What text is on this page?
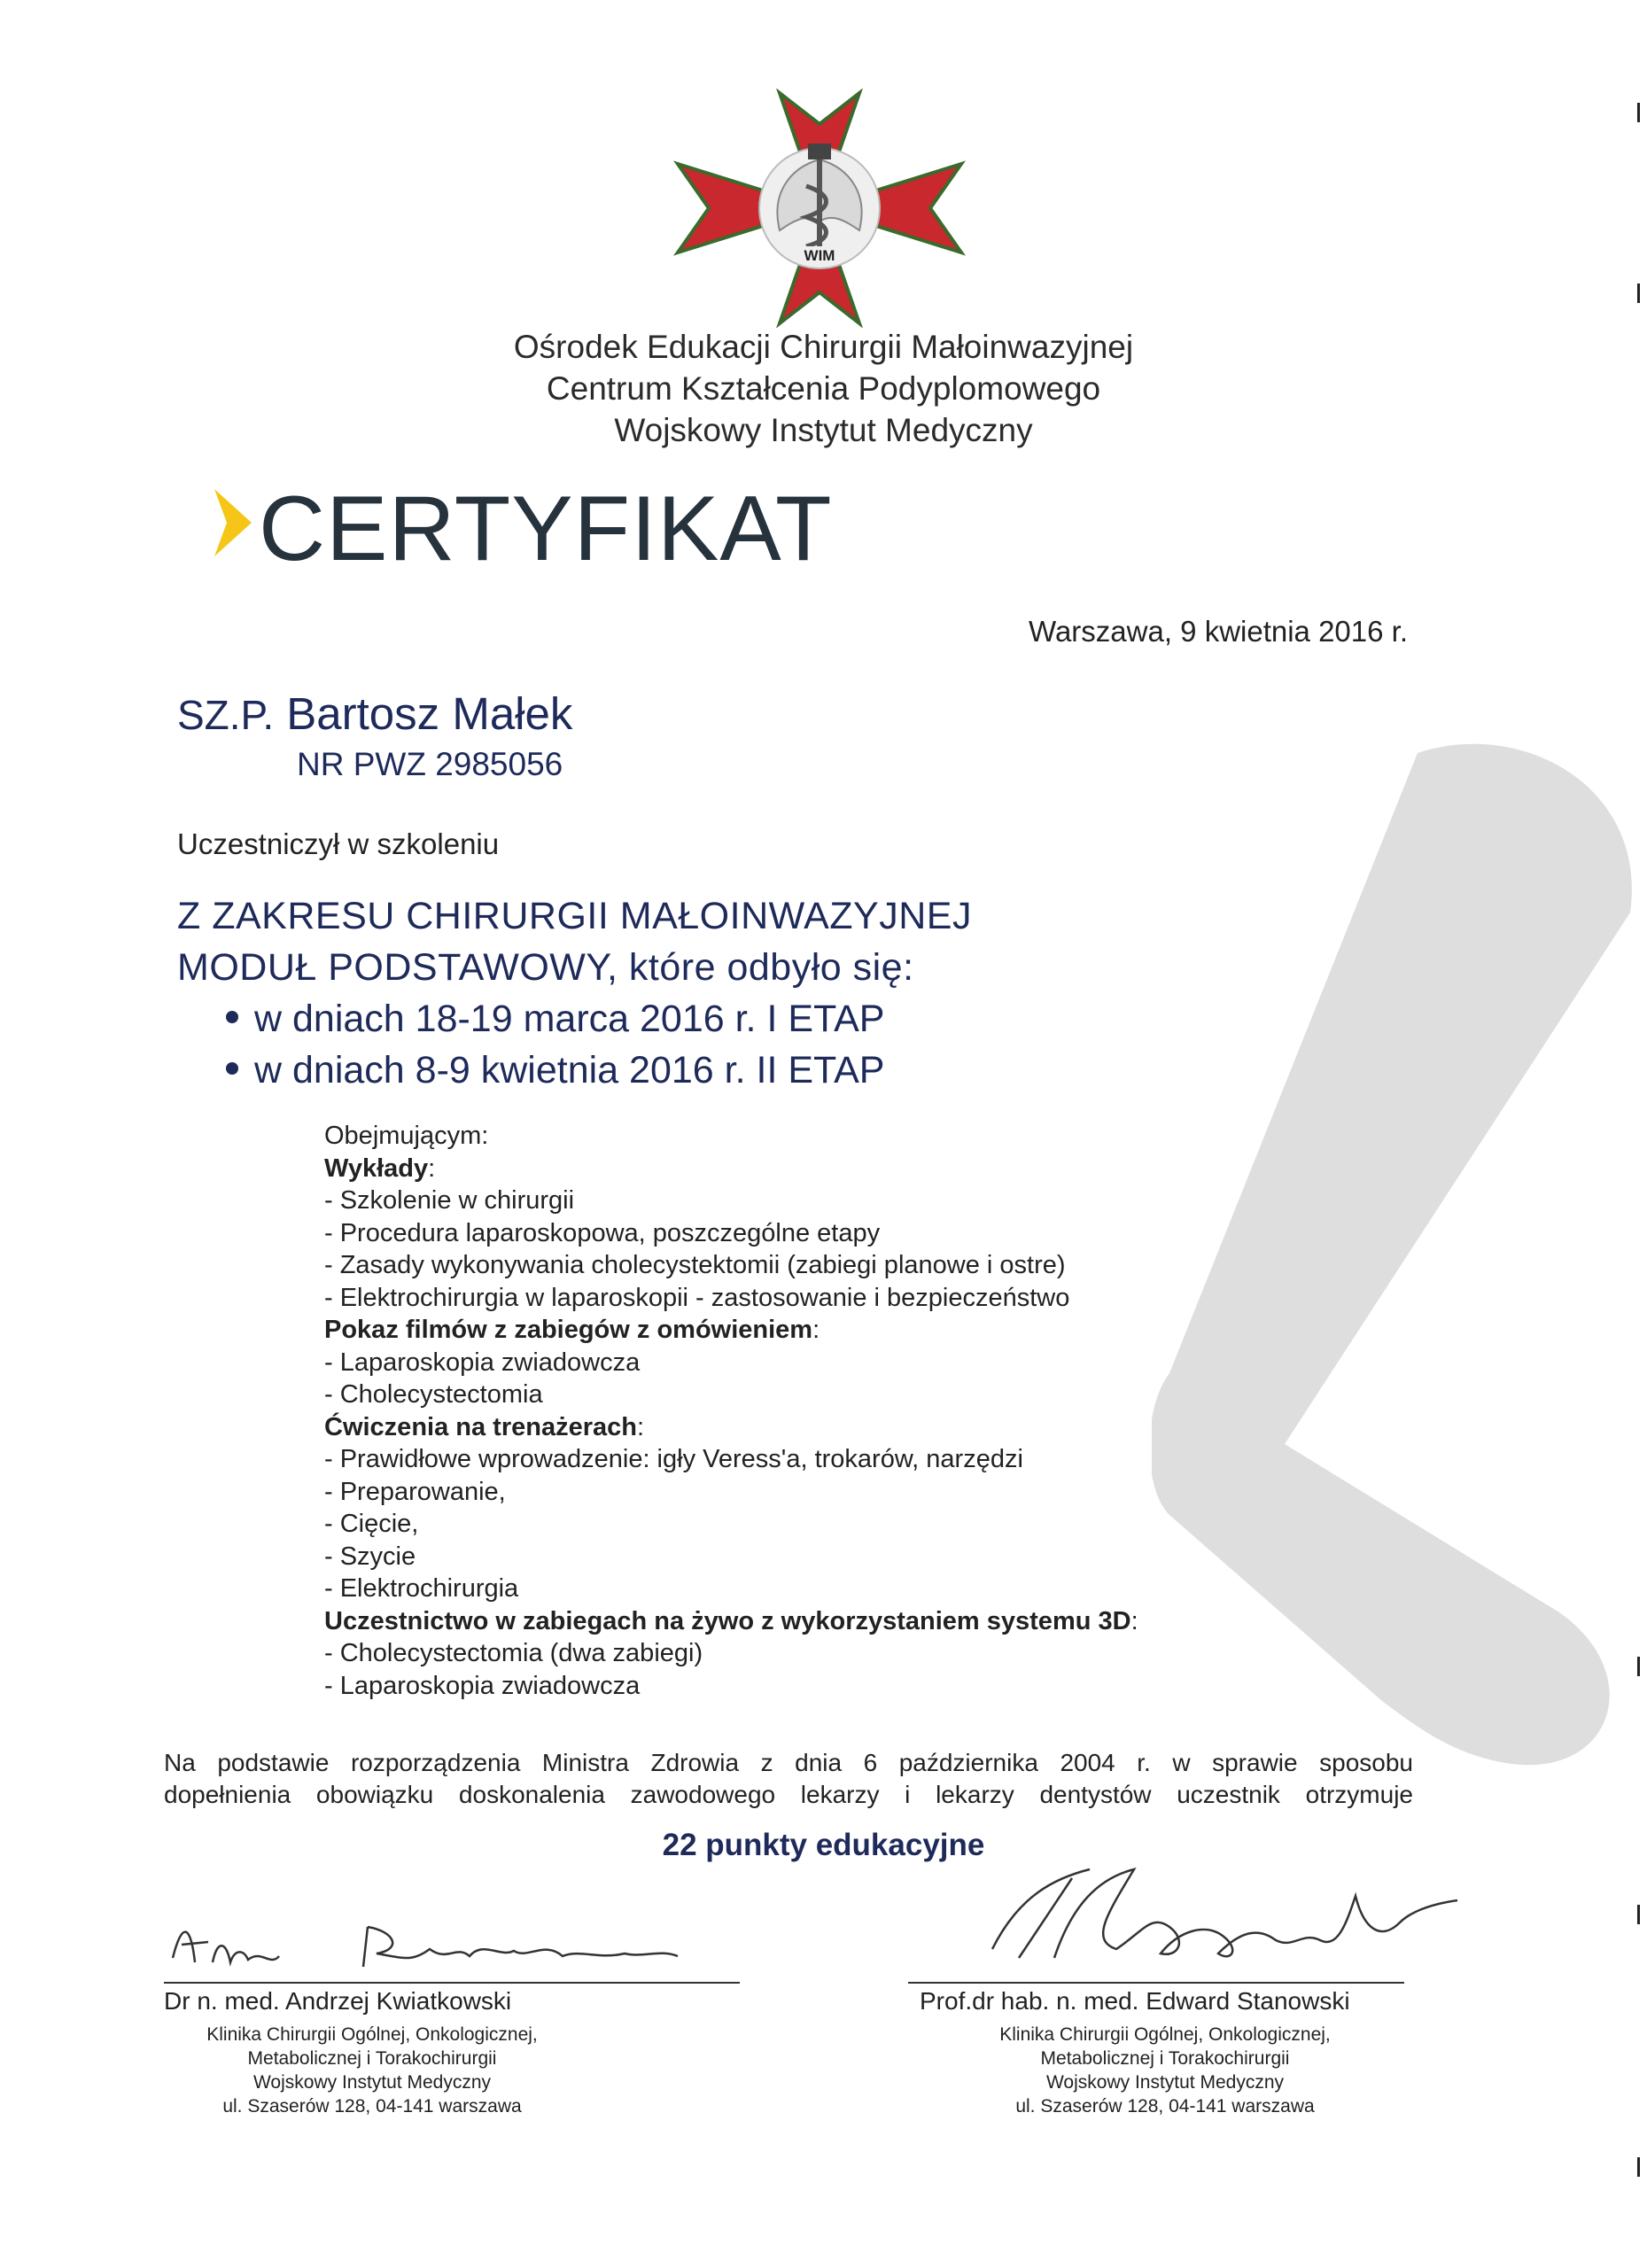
WIM
Ośrodek Edukacji Chirurgii Małoinwazyjnej
Centrum Kształcenia Podyplomowego
Wojskowy Instytut Medyczny
CERTYFIKAT
Warszawa, 9 kwietnia 2016 r.
SZ.P. Bartosz Małek
NR PWZ 2985056
Uczestniczył w szkoleniu
Z ZAKRESU CHIRURGII MAŁOINWAZYJNEJ
MODUŁ PODSTAWOWY, które odbyło się:
w dniach 18-19 marca 2016 r. I ETAP
w dniach 8-9 kwietnia 2016 r. II ETAP
Obejmującym:
Wykłady:
- Szkolenie w chirurgii
- Procedura laparoskopowa, poszczególne etapy
- Zasady wykonywania cholecystektomii (zabiegi planowe i ostre)
- Elektrochirurgia w laparoskopii - zastosowanie i bezpieczeństwo
Pokaz filmów z zabiegów z omówieniem:
- Laparoskopia zwiadowcza
- Cholecystectomia
Ćwiczenia na trenażerach:
- Prawidłowe wprowadzenie: igły Veress'a, trokarów, narzędzi
- Preparowanie,
- Cięcie,
- Szycie
- Elektrochirurgia
Uczestnictwo w zabiegach na żywo z wykorzystaniem systemu 3D:
- Cholecystectomia (dwa zabiegi)
- Laparoskopia zwiadowcza
Na podstawie rozporządzenia Ministra Zdrowia z dnia 6 października 2004 r. w sprawie sposobu
dopełnienia obowiązku doskonalenia zawodowego lekarzy i lekarzy dentystów uczestnik otrzymuje
22 punkty edukacyjne
Dr n. med. Andrzej Kwiatkowski
Klinika Chirurgii Ogólnej, Onkologicznej,
Metabolicznej i Torakochirurgii
Wojskowy Instytut Medyczny
ul. Szaserów 128, 04-141 warszawa
Prof.dr hab. n. med. Edward Stanowski
Klinika Chirurgii Ogólnej, Onkologicznej,
Metabolicznej i Torakochirurgii
Wojskowy Instytut Medyczny
ul. Szaserów 128, 04-141 warszawa
